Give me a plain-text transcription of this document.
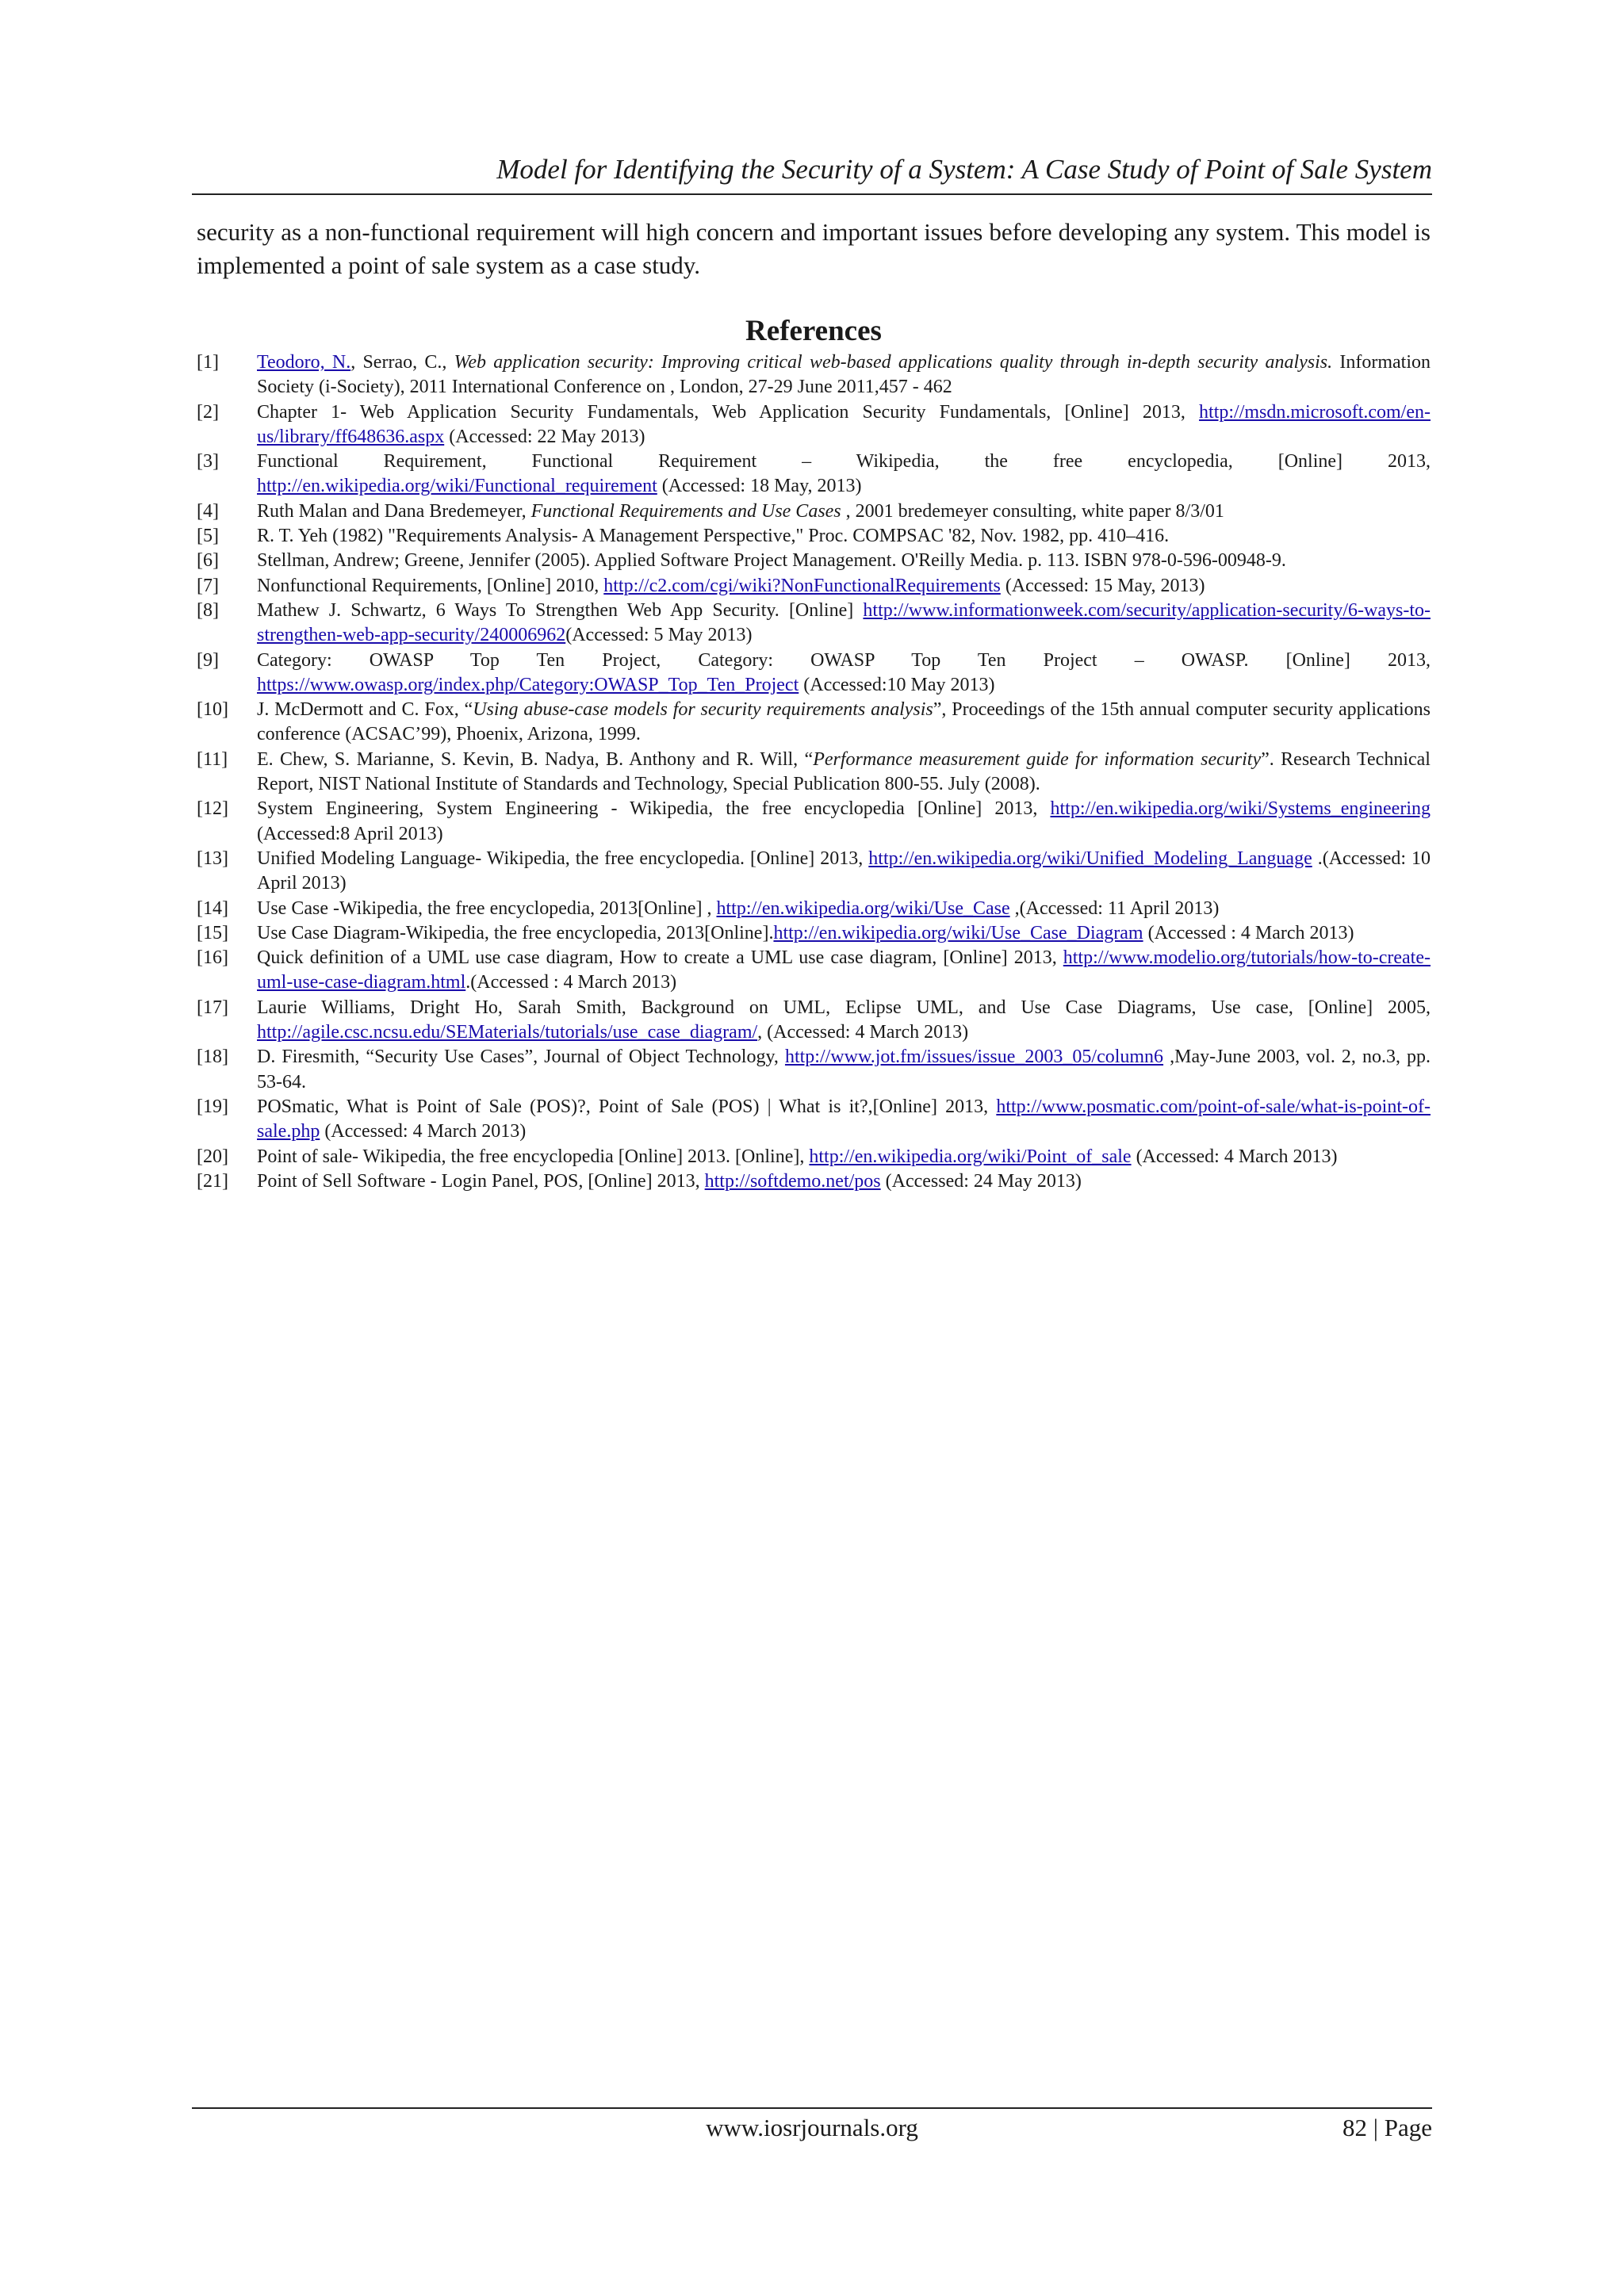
Model for Identifying the Security of a System: A Case Study of Point of Sale System

security as a non-functional requirement will high concern and important issues before developing any system. This model is implemented a point of sale system as a case study.

References
[1] Teodoro, N., Serrao, C., Web application security: Improving critical web-based applications quality through in-depth security analysis. Information Society (i-Society), 2011 International Conference on , London, 27-29 June 2011,457 - 462
[2] Chapter 1- Web Application Security Fundamentals, Web Application Security Fundamentals, [Online] 2013, http://msdn.microsoft.com/en-us/library/ff648636.aspx (Accessed: 22 May 2013)
[3] Functional Requirement, Functional Requirement – Wikipedia, the free encyclopedia, [Online] 2013, http://en.wikipedia.org/wiki/Functional_requirement (Accessed: 18 May, 2013)
[4] Ruth Malan and Dana Bredemeyer, Functional Requirements and Use Cases , 2001 bredemeyer consulting, white paper 8/3/01
[5] R. T. Yeh (1982) "Requirements Analysis- A Management Perspective," Proc. COMPSAC '82, Nov. 1982, pp. 410–416.
[6] Stellman, Andrew; Greene, Jennifer (2005). Applied Software Project Management. O'Reilly Media. p. 113. ISBN 978-0-596-00948-9.
[7] Nonfunctional Requirements, [Online] 2010, http://c2.com/cgi/wiki?NonFunctionalRequirements (Accessed: 15 May, 2013)
[8] Mathew J. Schwartz, 6 Ways To Strengthen Web App Security. [Online] http://www.informationweek.com/security/application-security/6-ways-to-strengthen-web-app-security/240006962(Accessed: 5 May 2013)
[9] Category: OWASP Top Ten Project, Category: OWASP Top Ten Project – OWASP. [Online] 2013, https://www.owasp.org/index.php/Category:OWASP_Top_Ten_Project (Accessed:10 May 2013)
[10] J. McDermott and C. Fox, “Using abuse-case models for security requirements analysis”, Proceedings of the 15th annual computer security applications conference (ACSAC’99), Phoenix, Arizona, 1999.
[11] E. Chew, S. Marianne, S. Kevin, B. Nadya, B. Anthony and R. Will, “Performance measurement guide for information security”. Research Technical Report, NIST National Institute of Standards and Technology, Special Publication 800-55. July (2008).
[12] System Engineering, System Engineering - Wikipedia, the free encyclopedia [Online] 2013, http://en.wikipedia.org/wiki/Systems_engineering (Accessed:8 April 2013)
[13] Unified Modeling Language- Wikipedia, the free encyclopedia. [Online] 2013, http://en.wikipedia.org/wiki/Unified_Modeling_Language .(Accessed: 10 April 2013)
[14] Use Case -Wikipedia, the free encyclopedia, 2013[Online] , http://en.wikipedia.org/wiki/Use_Case ,(Accessed: 11 April 2013)
[15] Use Case Diagram-Wikipedia, the free encyclopedia, 2013[Online].http://en.wikipedia.org/wiki/Use_Case_Diagram (Accessed : 4 March 2013)
[16] Quick definition of a UML use case diagram, How to create a UML use case diagram, [Online] 2013, http://www.modelio.org/tutorials/how-to-create-uml-use-case-diagram.html.(Accessed : 4 March 2013)
[17] Laurie Williams, Dright Ho, Sarah Smith, Background on UML, Eclipse UML, and Use Case Diagrams, Use case, [Online] 2005, http://agile.csc.ncsu.edu/SEMaterials/tutorials/use_case_diagram/, (Accessed: 4 March 2013)
[18] D. Firesmith, “Security Use Cases”, Journal of Object Technology, http://www.jot.fm/issues/issue_2003_05/column6 ,May-June 2003, vol. 2, no.3, pp. 53-64.
[19] POSmatic, What is Point of Sale (POS)?, Point of Sale (POS) | What is it?,[Online] 2013, http://www.posmatic.com/point-of-sale/what-is-point-of-sale.php (Accessed: 4 March 2013)
[20] Point of sale- Wikipedia, the free encyclopedia [Online] 2013. [Online], http://en.wikipedia.org/wiki/Point_of_sale (Accessed: 4 March 2013)
[21] Point of Sell Software - Login Panel, POS, [Online] 2013, http://softdemo.net/pos (Accessed: 24 May 2013)
www.iosrjournals.org	82 | Page
